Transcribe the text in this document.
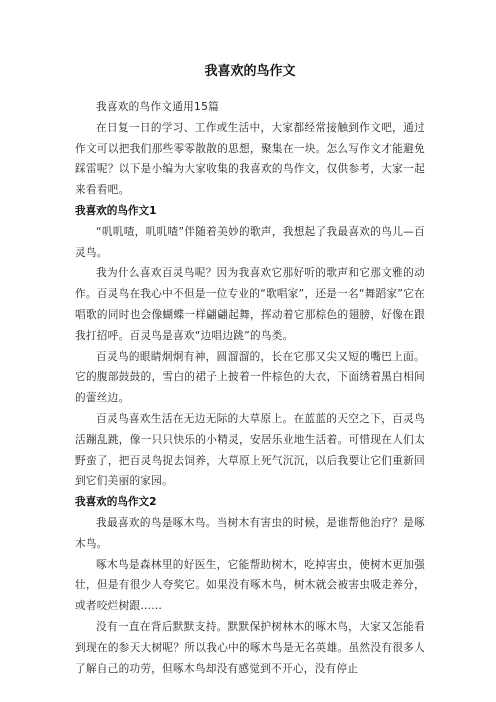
我喜欢的鸟作文

我喜欢的鸟作文通用15篇

在日复一日的学习、工作或生活中，大家都经常接触到作文吧，通过作文可以把我们那些零零散散的思想，聚集在一块。怎么写作文才能避免踩雷呢？以下是小编为大家收集的我喜欢的鸟作文，仅供参考，大家一起来看看吧。

我喜欢的鸟作文1

“叽叽喳，叽叽喳”伴随着美妙的歌声，我想起了我最喜欢的鸟儿—百灵鸟。

我为什么喜欢百灵鸟呢？因为我喜欢它那好听的歌声和它那文雅的动作。百灵鸟在我心中不但是一位专业的“歌唱家”，还是一名“舞蹈家”它在唱歌的同时也会像蝴蝶一样翩翩起舞，挥动着它那棕色的翅膀，好像在跟我打招呼。百灵鸟是喜欢“边唱边跳”的鸟类。

百灵鸟的眼睛炯炯有神，圆溜溜的，长在它那又尖又短的嘴巴上面。它的腹部鼓鼓的，雪白的裙子上披着一件棕色的大衣，下面绣着黑白相间的蕾丝边。

百灵鸟喜欢生活在无边无际的大草原上。在蓝蓝的天空之下，百灵鸟活蹦乱跳，像一只只快乐的小精灵，安居乐业地生活着。可惜现在人们太野蛮了，把百灵鸟捉去饲养，大草原上死气沉沉，以后我要让它们重新回到它们美丽的家园。

我喜欢的鸟作文2

我最喜欢的鸟是啄木鸟。当树木有害虫的时候，是谁帮他治疗？是啄木鸟。

啄木鸟是森林里的好医生，它能帮助树木，吃掉害虫，使树木更加强壮，但是有很少人夸奖它。如果没有啄木鸟，树木就会被害虫吸走养分，或者咬烂树跟……

没有一直在背后默默支持。默默保护树林木的啄木鸟，大家又怎能看到现在的参天大树呢？所以我心中的啄木鸟是无名英雄。虽然没有很多人了解自己的功劳，但啄木鸟却没有感觉到不开心，没有停止
